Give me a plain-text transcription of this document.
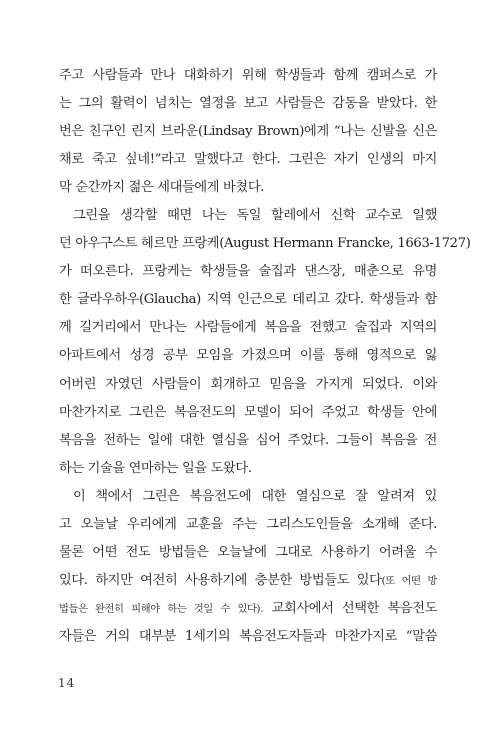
주고 사람들과 만나 대화하기 위해 학생들과 함께 캠퍼스로 가
는 그의 활력이 넘치는 열정을 보고 사람들은 감동을 받았다. 한
번은 친구인 린지 브라운(Lindsay Brown)에게 “나는 신발을 신은
채로 죽고 싶네!”라고 말했다고 한다. 그린은 자기 인생의 마지
막 순간까지 젊은 세대들에게 바쳤다.
그린을 생각할 때면 나는 독일 할레에서 신학 교수로 일했
던 아우구스트 헤르만 프랑케(August Hermann Francke, 1663-1727)
가 떠오른다. 프랑케는 학생들을 술집과 댄스장, 매춘으로 유명
한 글라우하우(Glaucha) 지역 인근으로 데리고 갔다. 학생들과 함
께 길거리에서 만나는 사람들에게 복음을 전했고 술집과 지역의
아파트에서 성경 공부 모임을 가졌으며 이를 통해 영적으로 잃
어버린 자였던 사람들이 회개하고 믿음을 가지게 되었다. 이와
마찬가지로 그린은 복음전도의 모델이 되어 주었고 학생들 안에
복음을 전하는 일에 대한 열심을 심어 주었다. 그들이 복음을 전
하는 기술을 연마하는 일을 도왔다.
이 책에서 그린은 복음전도에 대한 열심으로 잘 알려져 있
고 오늘날 우리에게 교훈을 주는 그리스도인들을 소개해 준다.
물론 어떤 전도 방법들은 오늘날에 그대로 사용하기 어려울 수
있다. 하지만 여전히 사용하기에 충분한 방법들도 있다(또 어떤 방
법들은 완전히 피해야 하는 것일 수 있다). 교회사에서 선택한 복음전도
자들은 거의 대부분 1세기의 복음전도자들과 마찬가지로 “말씀
14
